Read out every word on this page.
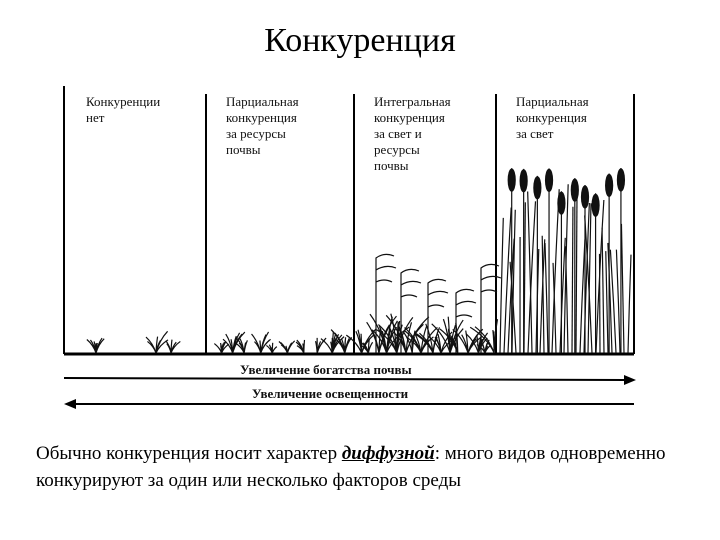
Конкуренция
Конкуренции
нет
Парциальная
конкуренция
за ресурсы
почвы
Интегральная
конкуренция
за свет и
ресурсы
почвы
Парциальная
конкуренция
за свет
Увеличение богатства почвы
Увеличение освещенности
Обычно конкуренция носит характер диффузной: много видов одновременно конкурируют за один или несколько факторов среды
